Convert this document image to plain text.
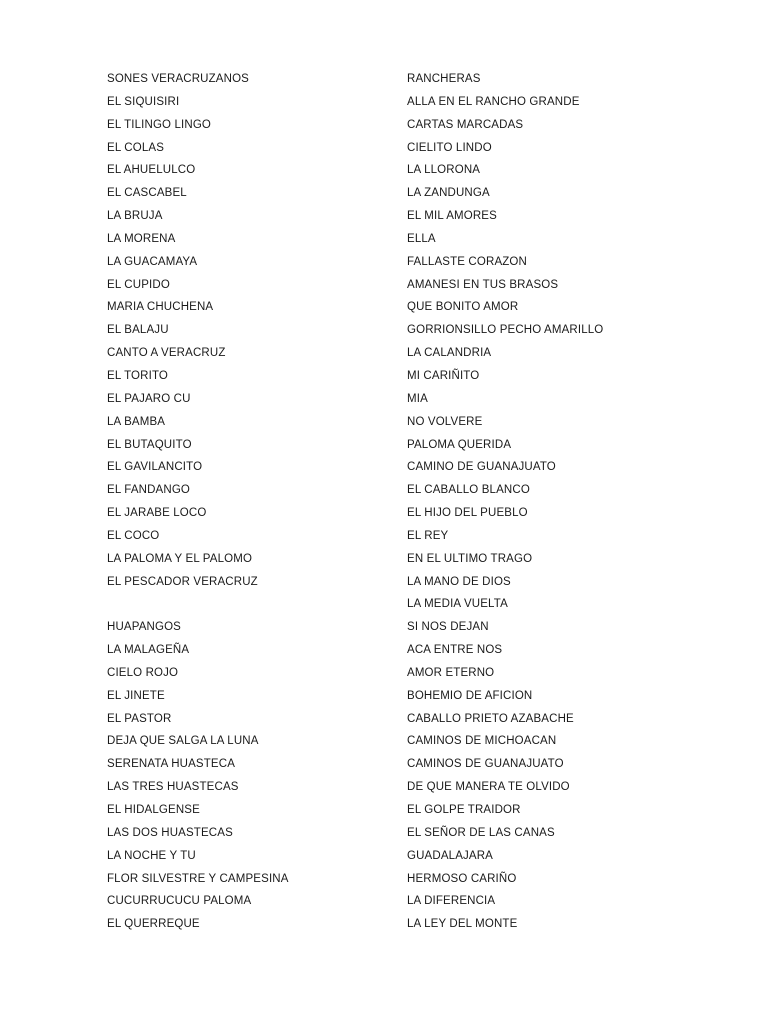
SONES VERACRUZANOS
EL SIQUISIRI
EL TILINGO LINGO
EL COLAS
EL AHUELULCO
EL CASCABEL
LA BRUJA
LA MORENA
LA GUACAMAYA
EL CUPIDO
MARIA CHUCHENA
EL BALAJU
CANTO A VERACRUZ
EL TORITO
EL PAJARO CU
LA BAMBA
EL BUTAQUITO
EL GAVILANCITO
EL FANDANGO
EL JARABE LOCO
EL COCO
LA PALOMA Y EL PALOMO
EL PESCADOR VERACRUZ
HUAPANGOS
LA MALAGEÑA
CIELO ROJO
EL JINETE
EL PASTOR
DEJA QUE SALGA LA LUNA
SERENATA HUASTECA
LAS TRES HUASTECAS
EL HIDALGENSE
LAS DOS HUASTECAS
LA NOCHE Y TU
FLOR SILVESTRE Y CAMPESINA
CUCURRUCUCU PALOMA
EL QUERREQUE
RANCHERAS
ALLA EN EL RANCHO GRANDE
CARTAS MARCADAS
CIELITO LINDO
LA LLORONA
LA ZANDUNGA
EL MIL AMORES
ELLA
FALLASTE CORAZON
AMANESI EN TUS BRASOS
QUE BONITO AMOR
GORRIONSILLO PECHO AMARILLO
LA CALANDRIA
MI CARIÑITO
MIA
NO VOLVERE
PALOMA QUERIDA
CAMINO DE GUANAJUATO
EL CABALLO BLANCO
EL HIJO DEL PUEBLO
EL REY
EN EL ULTIMO TRAGO
LA MANO DE DIOS
LA MEDIA VUELTA
SI NOS DEJAN
ACA ENTRE NOS
AMOR ETERNO
BOHEMIO DE AFICION
CABALLO PRIETO AZABACHE
CAMINOS DE MICHOACAN
CAMINOS DE GUANAJUATO
DE QUE MANERA TE OLVIDO
EL GOLPE TRAIDOR
EL SEÑOR DE LAS CANAS
GUADALAJARA
HERMOSO CARIÑO
LA DIFERENCIA
LA LEY DEL MONTE
